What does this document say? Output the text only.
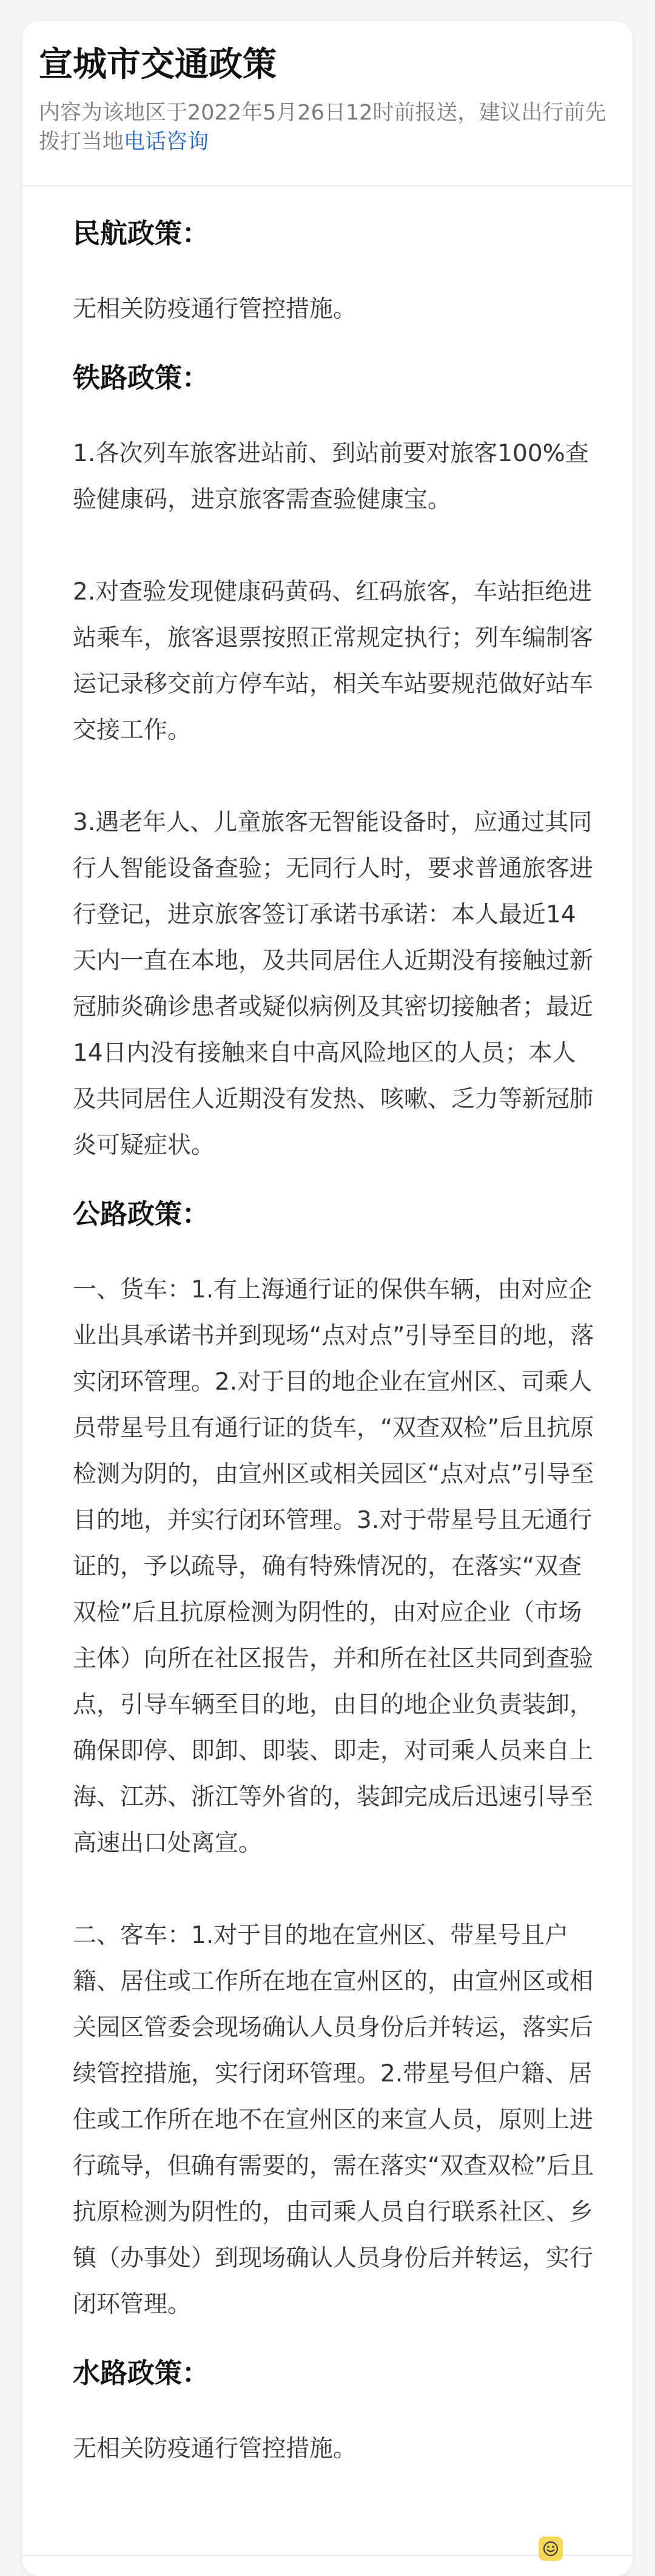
宣城市交通政策
内容为该地区于2022年5月26日12时前报送，建议出行前先拨打当地电话咨询
民航政策：

无相关防疫通行管控措施。

铁路政策：

1.各次列车旅客进站前、到站前要对旅客100%查验健康码，进京旅客需查验健康宝。

2.对查验发现健康码黄码、红码旅客，车站拒绝进站乘车，旅客退票按照正常规定执行；列车编制客运记录移交前方停车站，相关车站要规范做好站车交接工作。

3.遇老年人、儿童旅客无智能设备时，应通过其同行人智能设备查验；无同行人时，要求普通旅客进行登记，进京旅客签订承诺书承诺：本人最近14天内一直在本地，及共同居住人近期没有接触过新冠肺炎确诊患者或疑似病例及其密切接触者；最近14日内没有接触来自中高风险地区的人员；本人及共同居住人近期没有发热、咳嗽、乏力等新冠肺炎可疑症状。

公路政策：

一、货车：1.有上海通行证的保供车辆，由对应企业出具承诺书并到现场“点对点”引导至目的地，落实闭环管理。2.对于目的地企业在宣州区、司乘人员带星号且有通行证的货车，“双查双检”后且抗原检测为阴的，由宣州区或相关园区“点对点”引导至目的地，并实行闭环管理。3.对于带星号且无通行证的，予以疏导，确有特殊情况的，在落实“双查双检”后且抗原检测为阴性的，由对应企业（市场主体）向所在社区报告，并和所在社区共同到查验点，引导车辆至目的地，由目的地企业负责装卸，确保即停、即卸、即装、即走，对司乘人员来自上海、江苏、浙江等外省的，装卸完成后迅速引导至高速出口处离宣。

二、客车：1.对于目的地在宣州区、带星号且户籍、居住或工作所在地在宣州区的，由宣州区或相关园区管委会现场确认人员身份后并转运，落实后续管控措施，实行闭环管理。2.带星号但户籍、居住或工作所在地不在宣州区的来宣人员，原则上进行疏导，但确有需要的，需在落实“双查双检”后且抗原检测为阴性的，由司乘人员自行联系社区、乡镇（办事处）到现场确认人员身份后并转运，实行闭环管理。

水路政策：

无相关防疫通行管控措施。
